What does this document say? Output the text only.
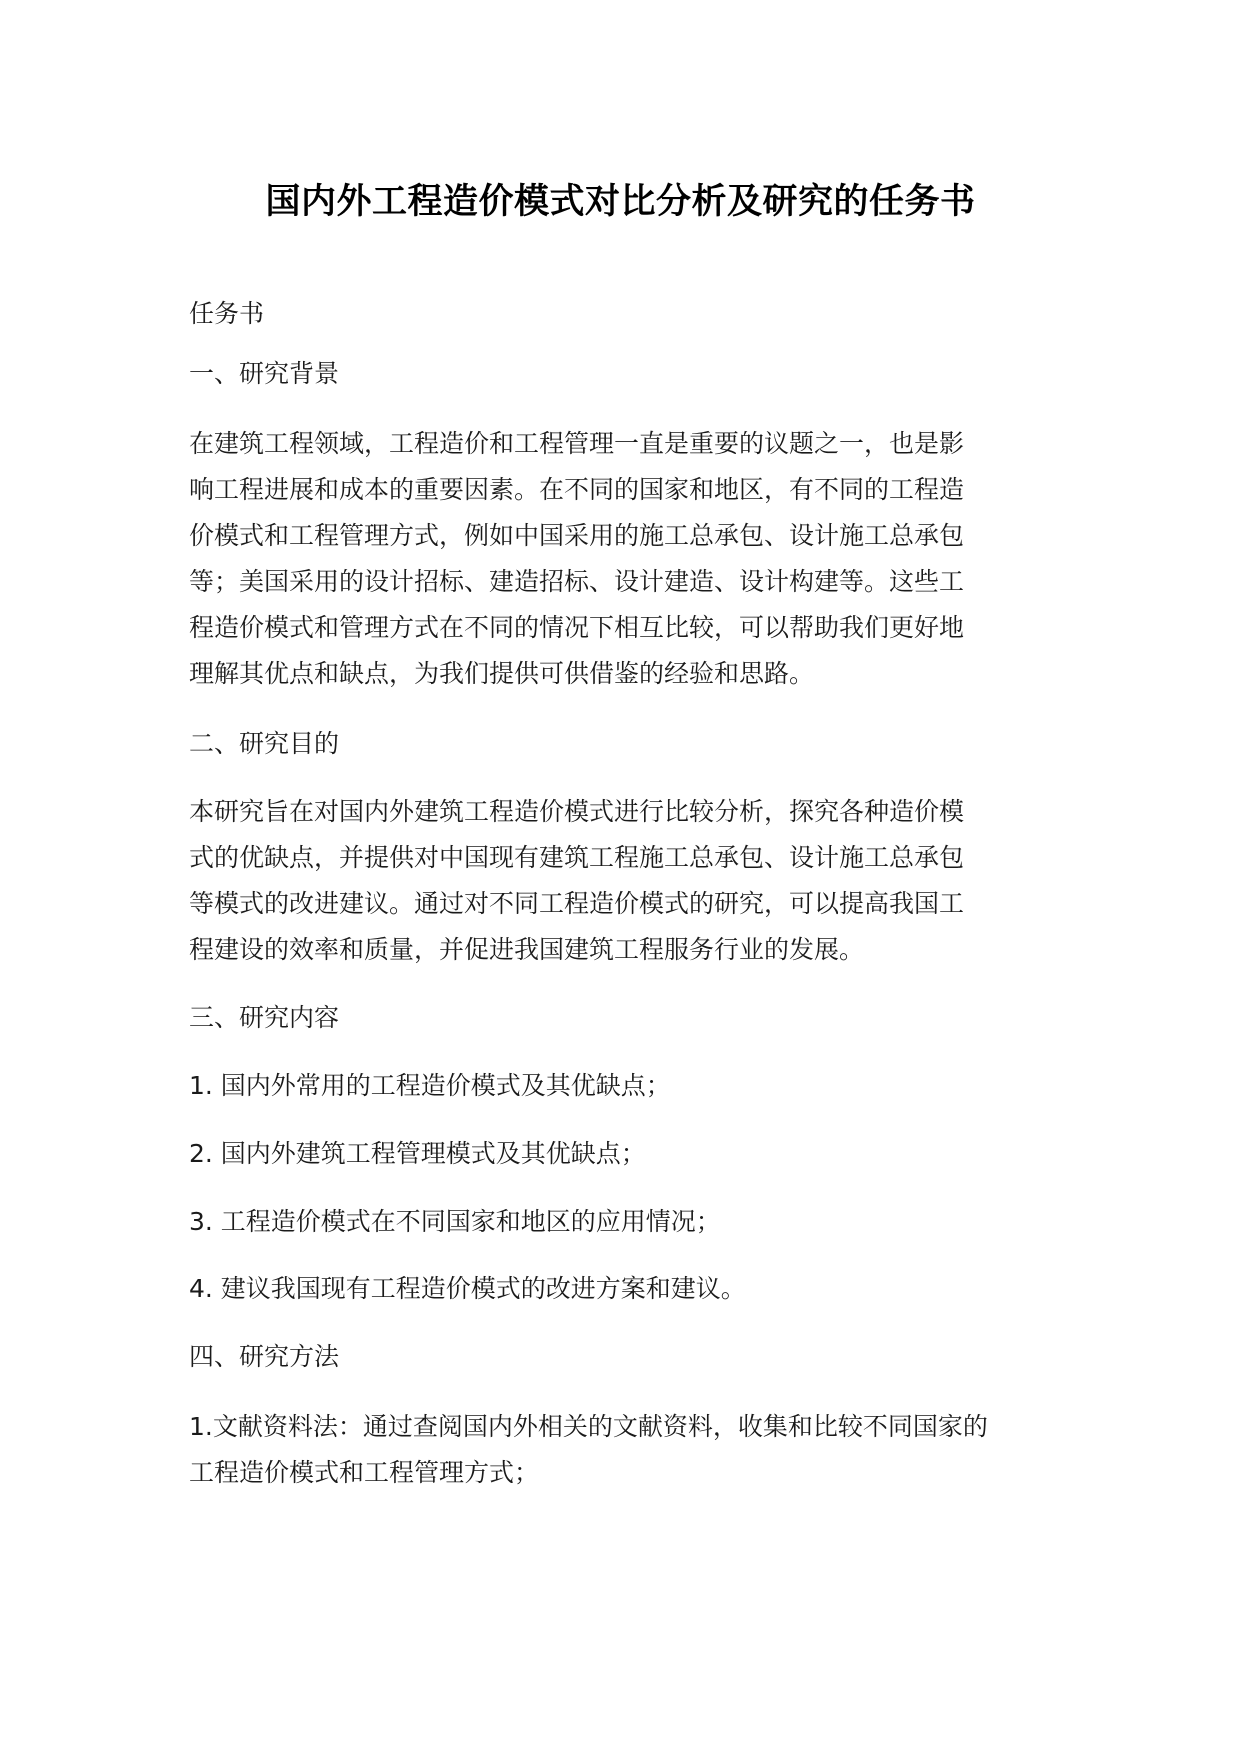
国内外工程造价模式对比分析及研究的任务书

任务书

一、研究背景

在建筑工程领域，工程造价和工程管理一直是重要的议题之一，也是影
响工程进展和成本的重要因素。在不同的国家和地区，有不同的工程造
价模式和工程管理方式，例如中国采用的施工总承包、设计施工总承包
等；美国采用的设计招标、建造招标、设计建造、设计构建等。这些工
程造价模式和管理方式在不同的情况下相互比较，可以帮助我们更好地
理解其优点和缺点，为我们提供可供借鉴的经验和思路。

二、研究目的

本研究旨在对国内外建筑工程造价模式进行比较分析，探究各种造价模
式的优缺点，并提供对中国现有建筑工程施工总承包、设计施工总承包
等模式的改进建议。通过对不同工程造价模式的研究，可以提高我国工
程建设的效率和质量，并促进我国建筑工程服务行业的发展。

三、研究内容

1. 国内外常用的工程造价模式及其优缺点；

2. 国内外建筑工程管理模式及其优缺点；

3. 工程造价模式在不同国家和地区的应用情况；

4. 建议我国现有工程造价模式的改进方案和建议。

四、研究方法

1.文献资料法：通过查阅国内外相关的文献资料，收集和比较不同国家的
工程造价模式和工程管理方式；
